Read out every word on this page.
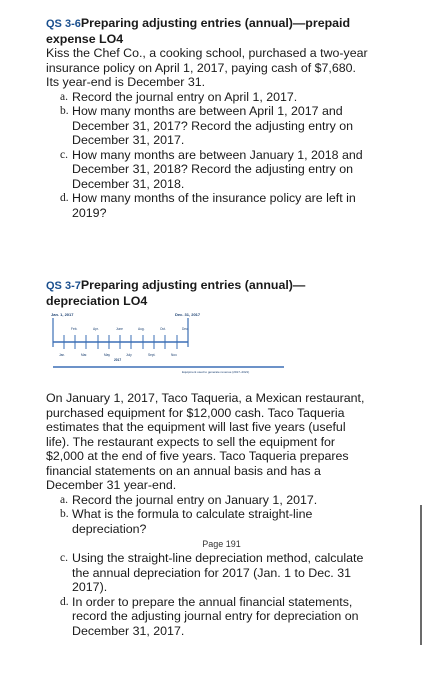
QS 3-6Preparing adjusting entries (annual)—prepaid expense LO4
Kiss the Chef Co., a cooking school, purchased a two-year insurance policy on April 1, 2017, paying cash of $7,680. Its year-end is December 31.
a. Record the journal entry on April 1, 2017.
b. How many months are between April 1, 2017 and December 31, 2017? Record the adjusting entry on December 31, 2017.
c. How many months are between January 1, 2018 and December 31, 2018? Record the adjusting entry on December 31, 2018.
d. How many months of the insurance policy are left in 2019?
QS 3-7Preparing adjusting entries (annual)—depreciation LO4
Jan. 1, 2017	Dec. 31, 2017
Feb.	Apr.	June	Aug.	Oct.	Dec.
Jan.	Mar.	May	July	Sept.	Nov.
2017
Equipment used to generate revenue (2017–2021)
On January 1, 2017, Taco Taqueria, a Mexican restaurant, purchased equipment for $12,000 cash. Taco Taqueria estimates that the equipment will last five years (useful life). The restaurant expects to sell the equipment for $2,000 at the end of five years. Taco Taqueria prepares financial statements on an annual basis and has a December 31 year-end.
a. Record the journal entry on January 1, 2017.
b. What is the formula to calculate straight-line depreciation?
Page 191
c. Using the straight-line depreciation method, calculate the annual depreciation for 2017 (Jan. 1 to Dec. 31 2017).
d. In order to prepare the annual financial statements, record the adjusting journal entry for depreciation on December 31, 2017.
